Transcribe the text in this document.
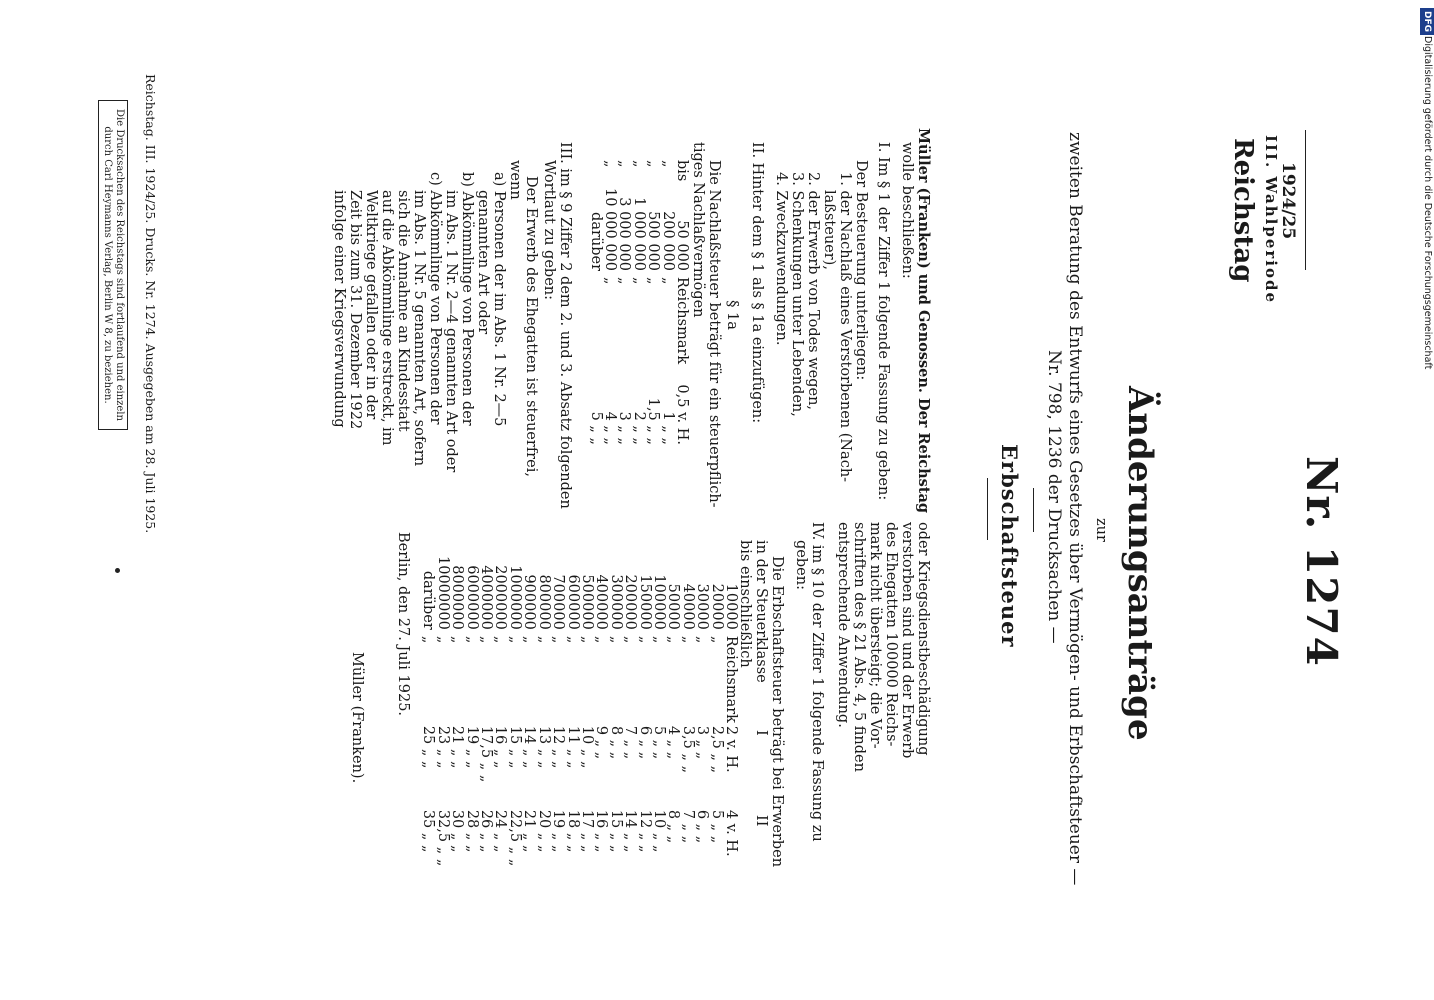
DFG
Digitalisierung gefördert durch die Deutsche Forschungsgemeinschaft
Reichstag III. Wahlperiode
1924/25
Nr. 1274
Änderungsanträge
zur
zweiten Beratung des Entwurfs eines Gesetzes über Vermögen- und Erbschaftsteuer —
Nr. 798, 1236 der Drucksachen —
Erbschaftsteuer
Müller (Franken) und Genossen. Der Reichstag
wolle beschließen:
I. Im § 1 der Ziffer 1 folgende Fassung zu geben:
Der Besteuerung unterliegen:
1. der Nachlaß eines Verstorbenen (Nach-
laßsteuer),
2. der Erwerb von Todes wegen,
3. Schenkungen unter Lebenden,
4. Zweckzuwendungen.
II. Hinter dem § 1 als § 1a einzufügen:
§ 1a
Die Nachlaßsteuer beträgt für ein steuerpflich-
tiges Nachlaßvermögen
bis	50 000	Reichsmark	0,5 v. H.
„	200 000	„	1 „ „
„	500 000	„	1,5 „ „
„	1 000 000	„	2 „ „
„	3 000 000	„	3 „ „
„	10 000 000	„	4 „ „
	darüber		5 „ „
III. im § 9 Ziffer 2 dem 2. und 3. Absatz folgenden
Wortlaut zu geben:
Der Erwerb des Ehegatten ist steuerfrei,
wenn
a) Personen der im Abs. 1 Nr. 2—5
genannten Art oder
b) Abkömmlinge von Personen der
im Abs. 1 Nr. 2—4 genannten Art oder
c) Abkömmlinge von Personen der
im Abs. 1 Nr. 5 genannten Art, sofern
sich die Annahme an Kindesstatt
auf die Abkömmlinge erstreckt, im
Weltkriege gefallen oder in der
Zeit bis zum 31. Dezember 1922
infolge einer Kriegsverwundung
oder Kriegsdienstbeschädigung
verstorben sind und der Erwerb
des Ehegatten 100000 Reichs-
mark nicht übersteigt; die Vor-
schriften des § 21 Abs. 4, 5 finden
entsprechende Anwendung.
IV. im § 10 der Ziffer 1 folgende Fassung zu
geben:
Die Erbschaftsteuer beträgt bei Erwerben
in der Steuerklasse
bis einschließlich
I
II
10000	Reichsmark	2 v. H.	4 v. H.
20000	„	2,5 „ „	5 „ „
30000	„	3 „ „	6 „ „
40000	„	3,5 „ „	7 „ „
50000	„	4 „ „	8 „ „
100000	„	5 „ „	10 „ „
150000	„	6 „ „	12 „ „
200000	„	7 „ „	14 „ „
300000	„	8 „ „	15 „ „
400000	„	9 „ „	16 „ „
500000	„	10 „ „	17 „ „
600000	„	11 „ „	18 „ „
700000	„	12 „ „	19 „ „
800000	„	13 „ „	20 „ „
900000	„	14 „ „	21 „ „
1000000	„	15 „ „	22,5 „ „
2000000	„	16 „ „	24 „ „
4000000	„	17,5 „ „	26 „ „
6000000	„	19 „ „	28 „ „
8000000	„	21 „ „	30 „ „
10000000	„	23 „ „	32,5 „ „
darüber	„	25 „ „	35 „ „
Berlin, den 27. Juli 1925.
Müller (Franken).
Die Drucksachen des Reichstags sind fortlaufend und einzeln
durch Carl Heymanns Verlag, Berlin W 8, zu beziehen. Reichstag. III. 1924/25. Drucks. Nr. 1274. Ausgegeben am 28. Juli 1925.
